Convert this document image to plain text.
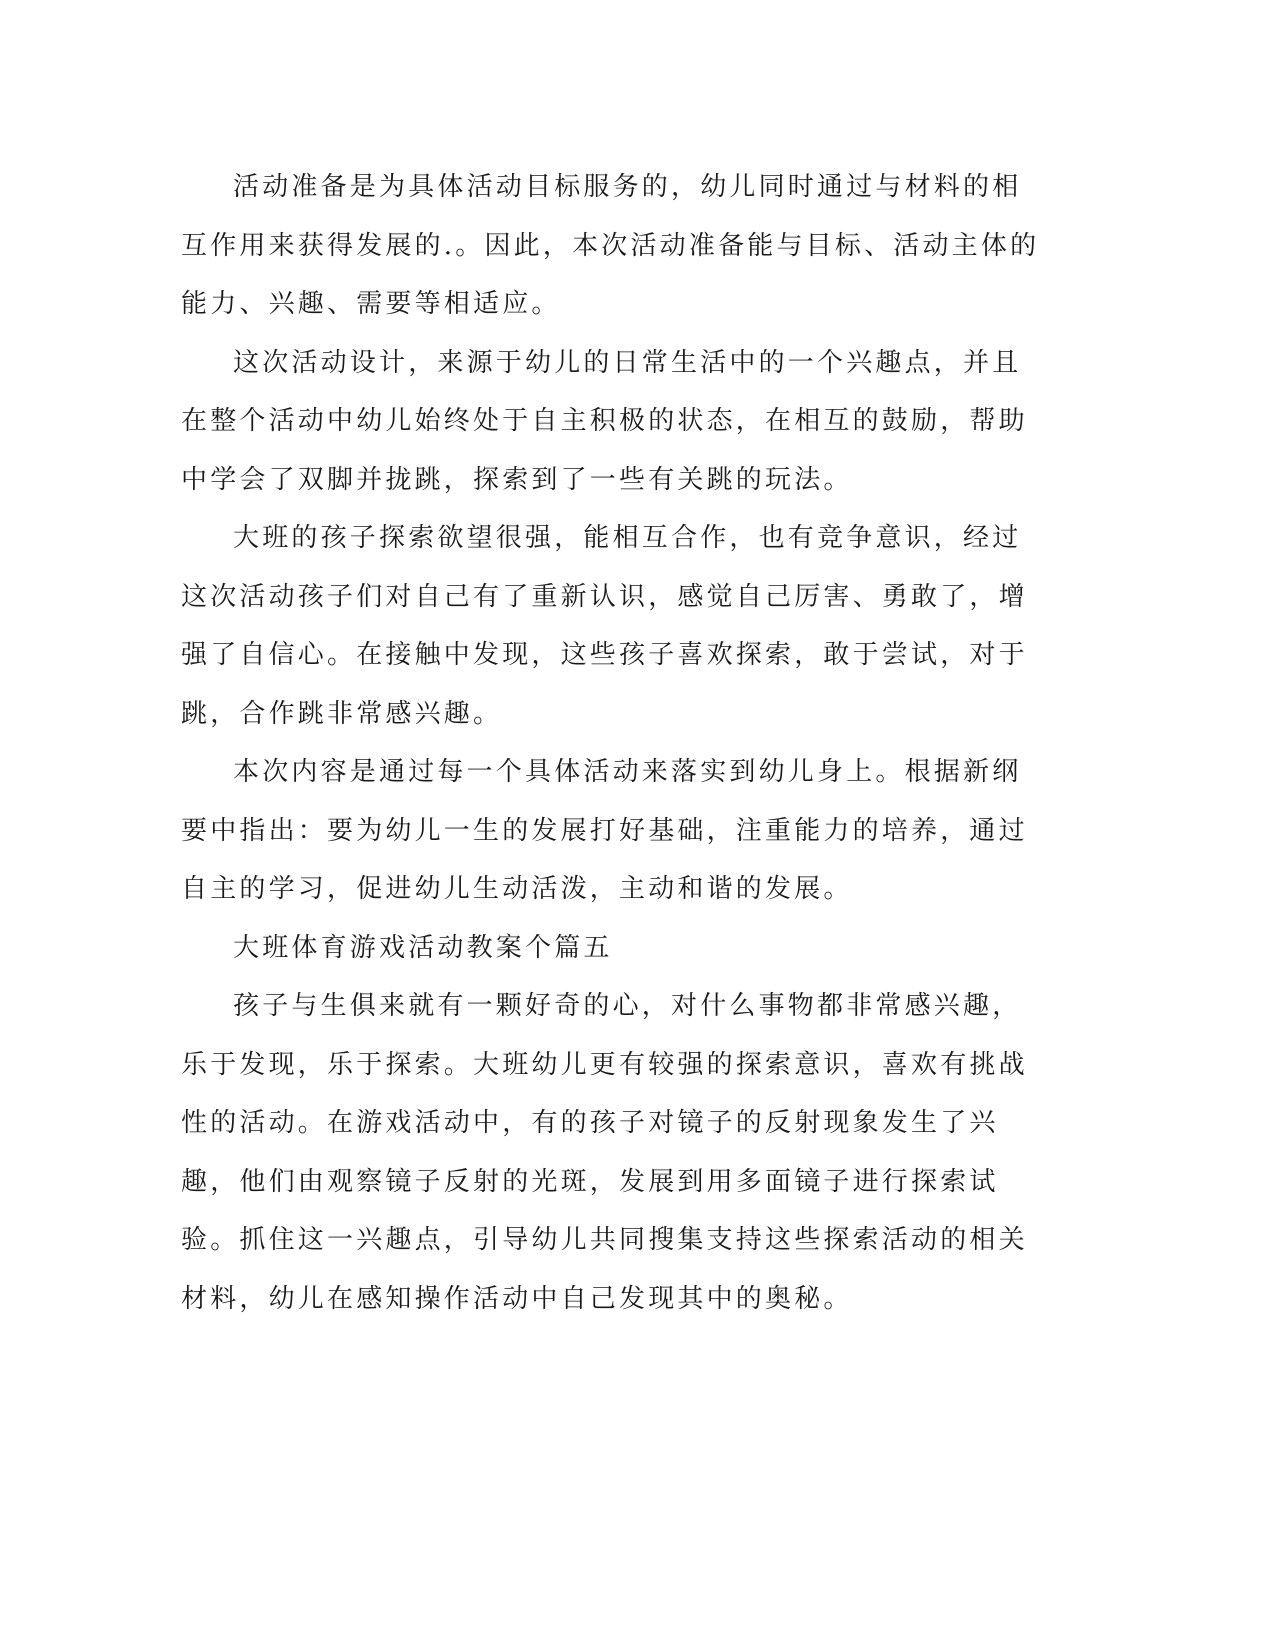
活动准备是为具体活动目标服务的，幼儿同时通过与材料的相互作用来获得发展的.。因此，本次活动准备能与目标、活动主体的能力、兴趣、需要等相适应。

这次活动设计，来源于幼儿的日常生活中的一个兴趣点，并且在整个活动中幼儿始终处于自主积极的状态，在相互的鼓励，帮助中学会了双脚并拢跳，探索到了一些有关跳的玩法。

大班的孩子探索欲望很强，能相互合作，也有竞争意识，经过这次活动孩子们对自己有了重新认识，感觉自己厉害、勇敢了，增强了自信心。在接触中发现，这些孩子喜欢探索，敢于尝试，对于跳，合作跳非常感兴趣。

本次内容是通过每一个具体活动来落实到幼儿身上。根据新纲要中指出：要为幼儿一生的发展打好基础，注重能力的培养，通过自主的学习，促进幼儿生动活泼，主动和谐的发展。

大班体育游戏活动教案个篇五

孩子与生俱来就有一颗好奇的心，对什么事物都非常感兴趣，乐于发现，乐于探索。大班幼儿更有较强的探索意识，喜欢有挑战性的活动。在游戏活动中，有的孩子对镜子的反射现象发生了兴趣，他们由观察镜子反射的光斑，发展到用多面镜子进行探索试验。抓住这一兴趣点，引导幼儿共同搜集支持这些探索活动的相关材料，幼儿在感知操作活动中自己发现其中的奥秘。
